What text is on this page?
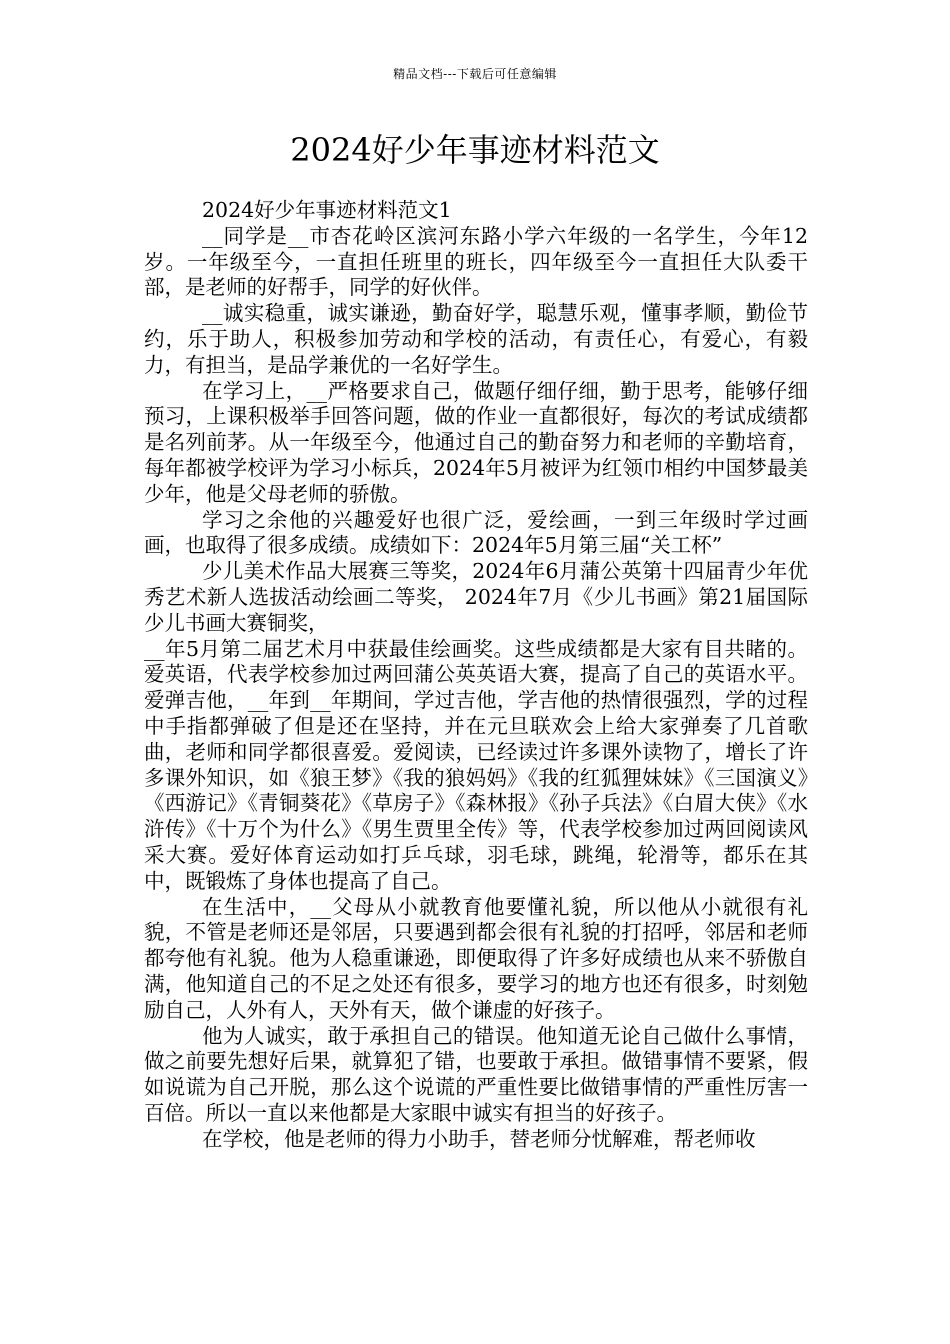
精品文档---下载后可任意编辑
2024好少年事迹材料范文

2024好少年事迹材料范文1

__同学是__市杏花岭区滨河东路小学六年级的一名学生，今年12岁。一年级至今，一直担任班里的班长，四年级至今一直担任大队委干部，是老师的好帮手，同学的好伙伴。

__诚实稳重，诚实谦逊，勤奋好学，聪慧乐观，懂事孝顺，勤俭节约，乐于助人，积极参加劳动和学校的活动，有责任心，有爱心，有毅力，有担当，是品学兼优的一名好学生。

在学习上，__严格要求自己，做题仔细仔细，勤于思考，能够仔细预习，上课积极举手回答问题，做的作业一直都很好，每次的考试成绩都是名列前茅。从一年级至今，他通过自己的勤奋努力和老师的辛勤培育，每年都被学校评为学习小标兵，2024年5月被评为红领巾相约中国梦最美少年，他是父母老师的骄傲。

学习之余他的兴趣爱好也很广泛，爱绘画，一到三年级时学过画画，也取得了很多成绩。成绩如下：2024年5月第三届“关工杯”

少儿美术作品大展赛三等奖，2024年6月蒲公英第十四届青少年优秀艺术新人选拔活动绘画二等奖， 2024年7月《少儿书画》第21届国际少儿书画大赛铜奖，

__年5月第二届艺术月中获最佳绘画奖。这些成绩都是大家有目共睹的。爱英语，代表学校参加过两回蒲公英英语大赛，提高了自己的英语水平。爱弹吉他，__年到__年期间，学过吉他，学吉他的热情很强烈，学的过程中手指都弹破了但是还在坚持，并在元旦联欢会上给大家弹奏了几首歌曲，老师和同学都很喜爱。爱阅读，已经读过许多课外读物了，增长了许多课外知识，如《狼王梦》《我的狼妈妈》《我的红狐狸妹妹》《三国演义》《西游记》《青铜葵花》《草房子》《森林报》《孙子兵法》《白眉大侠》《水浒传》《十万个为什么》《男生贾里全传》等，代表学校参加过两回阅读风采大赛。爱好体育运动如打乒乓球，羽毛球，跳绳，轮滑等，都乐在其中，既锻炼了身体也提高了自己。

在生活中，__父母从小就教育他要懂礼貌，所以他从小就很有礼貌，不管是老师还是邻居，只要遇到都会很有礼貌的打招呼，邻居和老师都夸他有礼貌。他为人稳重谦逊，即便取得了许多好成绩也从来不骄傲自满，他知道自己的不足之处还有很多，要学习的地方也还有很多，时刻勉励自己，人外有人，天外有天，做个谦虚的好孩子。

他为人诚实，敢于承担自己的错误。他知道无论自己做什么事情，做之前要先想好后果，就算犯了错，也要敢于承担。做错事情不要紧，假如说谎为自己开脱，那么这个说谎的严重性要比做错事情的严重性厉害一百倍。所以一直以来他都是大家眼中诚实有担当的好孩子。

在学校，他是老师的得力小助手，替老师分忧解难，帮老师收
